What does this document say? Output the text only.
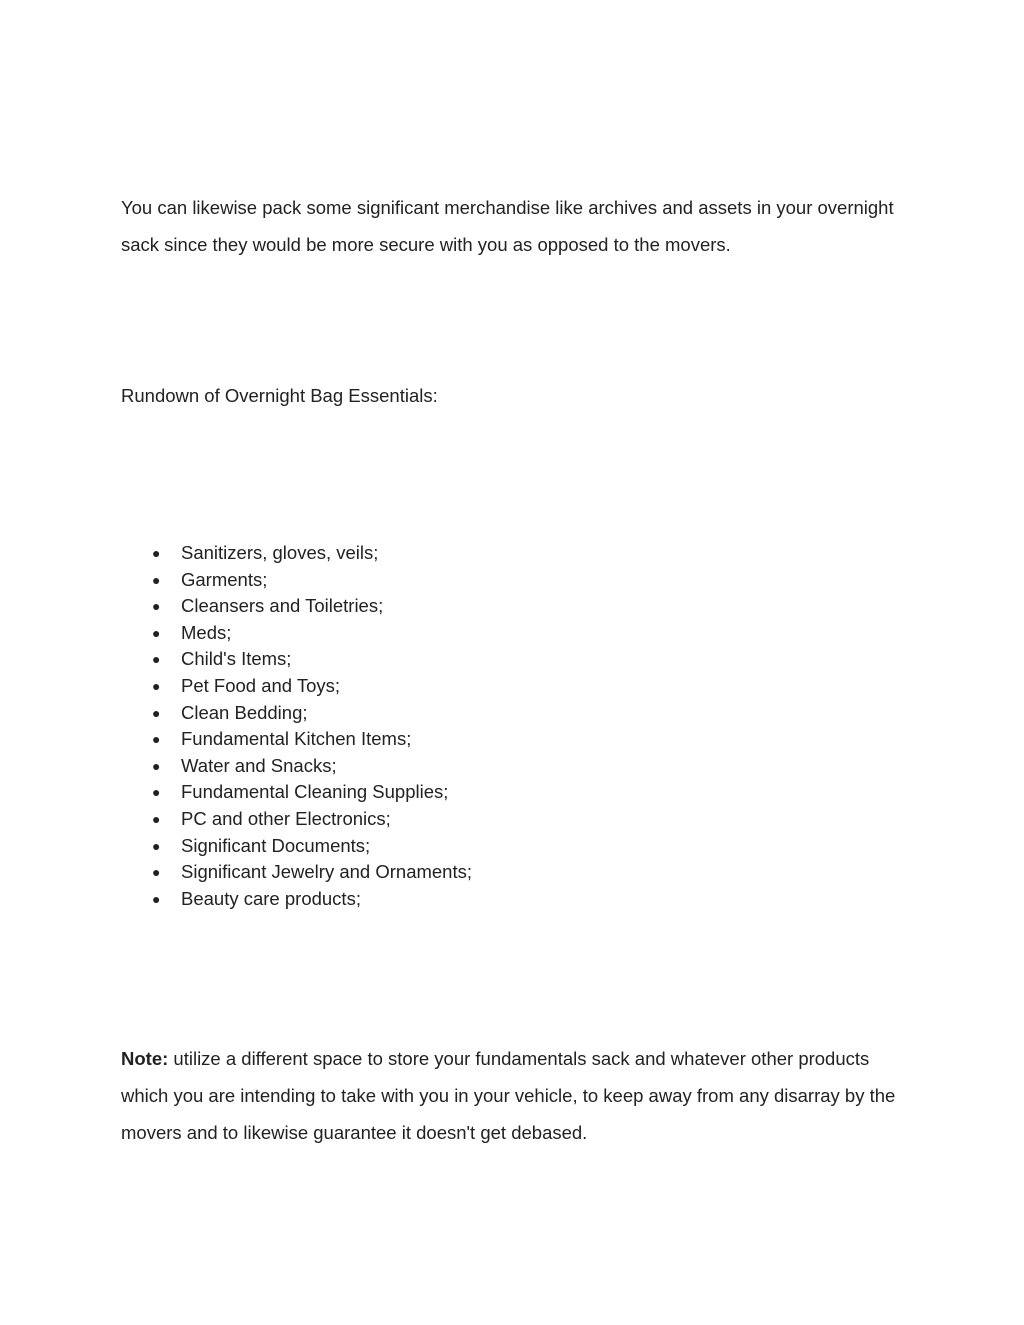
You can likewise pack some significant merchandise like archives and assets in your overnight sack since they would be more secure with you as opposed to the movers.

Rundown of Overnight Bag Essentials:

● Sanitizers, gloves, veils;
● Garments;
● Cleansers and Toiletries;
● Meds;
● Child's Items;
● Pet Food and Toys;
● Clean Bedding;
● Fundamental Kitchen Items;
● Water and Snacks;
● Fundamental Cleaning Supplies;
● PC and other Electronics;
● Significant Documents;
● Significant Jewelry and Ornaments;
● Beauty care products;

Note: utilize a different space to store your fundamentals sack and whatever other products which you are intending to take with you in your vehicle, to keep away from any disarray by the movers and to likewise guarantee it doesn't get debased.
